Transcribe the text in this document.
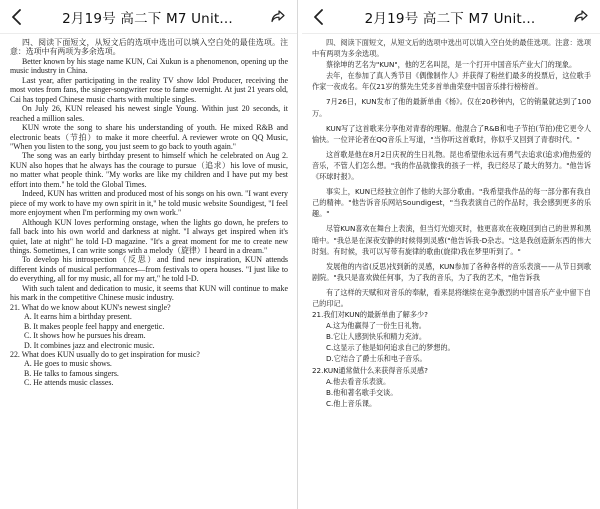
2月19号 高二下 M7 Unit...

四、阅读下面短文，从短文后的选项中选出可以填入空白处的最佳选项。注意：选项中有两项为多余选项。

Better known by his stage name KUN, Cai Xukun is a phenomenon, opening up the music industry in China.

Last year, after participating in the reality TV show Idol Producer, receiving the most votes from fans, the singer-songwriter rose to fame overnight. At just 21 years old, Cai has topped Chinese music charts with multiple singles.

On July 26, KUN released his newest single Young. Within just 20 seconds, it reached a million sales.

KUN wrote the song to share his understanding of youth. He mixed R&B and electronic beats（节拍）to make it more cheerful. A reviewer wrote on QQ Music, "When you listen to the song, you just seem to go back to youth again."

The song was an early birthday present to himself which he celebrated on Aug 2. KUN also hopes that he always has the courage to pursue（追求）his love of music, no matter what people think. "My works are like my children and I have put my best effort into them." he told the Global Times.

Indeed, KUN has written and produced most of his songs on his own. "I want every piece of my work to have my own spirit in it," he told music website Soundigest, "I feel more enjoyment when I'm performing my own work."

Although KUN loves performing onstage, when the lights go down, he prefers to fall back into his own world and darkness at night. "I always get inspired when it's quiet, late at night" he told I-D magazine. "It's a great moment for me to create new things. Sometimes, I can write songs with a melody（旋律）I heard in a dream."

To develop his introspection（反思）and find new inspiration, KUN attends different kinds of musical performances—from festivals to opera houses. "I just like to do everything, all for my music, all for my art," he told I-D.

With such talent and dedication to music, it seems that KUN will continue to make his mark in the competitive Chinese music industry.

21. What do we know about KUN's newest single?

A. It earns him a birthday present.

B. It makes people feel happy and energetic.

C. It shows how he pursues his dream.

D. It combines jazz and electronic music.

22. What does KUN usually do to get inspiration for music?

A. He goes to music shows.

B. He talks to famous singers.

C. He attends music classes.

2月19号 高二下 M7 Unit...

四、阅读下面短文，从短文后的选项中选出可以填入空白处的最佳选项。注意：选项中有两项为多余选项。

蔡徐坤的艺名为"KUN"，他的艺名叫昆，是一个打开中国音乐产业大门的现象。

去年，在参加了真人秀节目《偶像制作人》并获得了粉丝们最多的投票后，这位歌手作家一夜成名。年仅21岁的蔡先生凭多首单曲荣登中国音乐排行榜榜首。

7月26日，KUN发布了他的最新单曲《杨》。仅在20秒钟内，它的销量就达到了100万。

KUN写了这首歌来分享他对青春的理解。他混合了R&B和电子节拍(节拍)使它更令人愉快。一位评论者在QQ音乐上写道，"当你听这首歌时，你似乎又回到了青春时代。"

这首歌是他在8月2日庆祝的生日礼物。昆也希望他永远有勇气去追求(追求)他热爱的音乐，不管人们怎么想。"我的作品就像我的孩子一样，我已经尽了最大的努力。"他告诉《环球时报》。

事实上，KUN已经独立创作了他的大部分歌曲。"我希望我作品的每一部分都有我自己的精神。"他告诉音乐网站Soundigest，"当我表演自己的作品时，我会感到更多的乐趣。"

尽管KUN喜欢在舞台上表演，但当灯光熄灭时，他更喜欢在夜晚回到自己的世界和黑暗中。"我总是在深夜安静的时候得到灵感("他告诉我-D杂志。"这是我创造新东西的伟大时刻。有时候，我可以写带有旋律的歌曲(旋律)我在梦里听到了。"

发展他的内省(反思)找到新的灵感，KUN参加了各种各样的音乐表演——从节日到歌剧院。"我只是喜欢做任何事，为了我的音乐，为了我的艺术，"他告诉我

有了这样的天赋和对音乐的奉献，看来昆将继续在竞争激烈的中国音乐产业中留下自己的印记。

21.我们对KUN的最新单曲了解多少?

A.这为他赢得了一份生日礼物。

B.它让人感到快乐和精力充沛。

C.这显示了他是如何追求自己的梦想的。

D.它结合了爵士乐和电子音乐。

22.KUN通常做什么来获得音乐灵感?

A.他去看音乐表演。

B.他和著名歌手交谈。

C.他上音乐课。
